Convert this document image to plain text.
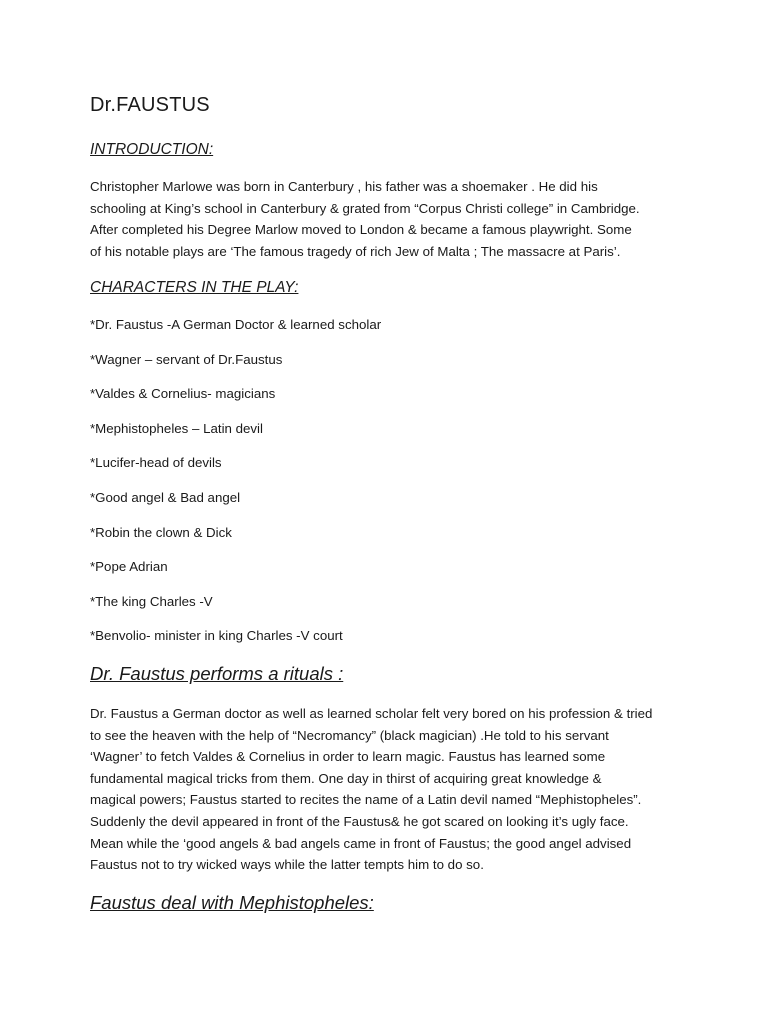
Dr.FAUSTUS
INTRODUCTION:

Christopher Marlowe was born in Canterbury , his father was a shoemaker . He did his
schooling at King’s school in Canterbury & grated from “Corpus Christi college” in Cambridge.
After completed his Degree Marlow moved to London & became a famous playwright. Some
of his notable plays are ‘The famous tragedy of rich Jew of Malta ; The massacre at Paris’.

CHARACTERS IN THE PLAY:
*Dr. Faustus -A German Doctor & learned scholar
*Wagner – servant of Dr.Faustus
*Valdes & Cornelius- magicians
*Mephistopheles – Latin devil
*Lucifer-head of devils
*Good angel & Bad angel
*Robin the clown & Dick
*Pope Adrian
*The king Charles -V
*Benvolio- minister in king Charles -V court
Dr. Faustus performs a rituals :

Dr. Faustus a German doctor as well as learned scholar felt very bored on his profession & tried
to see the heaven with the help of “Necromancy” (black magician) .He told to his servant
‘Wagner’ to fetch Valdes & Cornelius in order to learn magic. Faustus has learned some
fundamental magical tricks from them. One day in thirst of acquiring great knowledge &
magical powers; Faustus started to recites the name of a Latin devil named “Mephistopheles”.
Suddenly the devil appeared in front of the Faustus& he got scared on looking it’s ugly face.
Mean while the ‘good angels & bad angels came in front of Faustus; the good angel advised
Faustus not to try wicked ways while the latter tempts him to do so.

Faustus deal with Mephistopheles:
